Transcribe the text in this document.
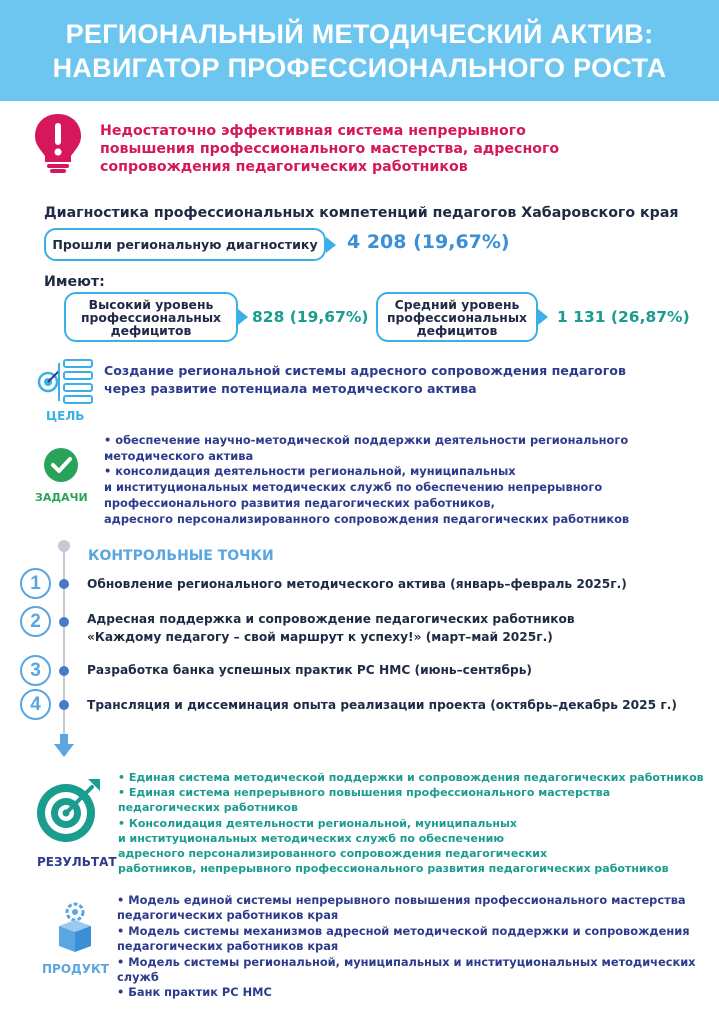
РЕГИОНАЛЬНЫЙ МЕТОДИЧЕСКИЙ АКТИВ:
НАВИГАТОР ПРОФЕССИОНАЛЬНОГО РОСТА
Недостаточно эффективная система непрерывного
повышения профессионального мастерства, адресного
сопровождения педагогических работников
Диагностика профессиональных компетенций педагогов Хабаровского края
Прошли региональную диагностику 4 208 (19,67%)
Имеют:
Высокий уровень
профессиональных
дефицитов
828 (19,67%)
Средний уровень
профессиональных
дефицитов
1 131 (26,87%)
ЦЕЛЬ
Создание региональной системы адресного сопровождения педагогов
через развитие потенциала методического актива
ЗАДАЧИ
• обеспечение научно-методической поддержки деятельности регионального
методического актива
• консолидация деятельности региональной, муниципальных
и институциональных методических служб по обеспечению непрерывного
профессионального развития педагогических работников,
адресного персонализированного сопровождения педагогических работников
КОНТРОЛЬНЫЕ ТОЧКИ
1	Обновление регионального методического актива (январь–февраль 2025г.)
2	Адресная поддержка и сопровождение педагогических работников
«Каждому педагогу – свой маршрут к успеху!» (март–май 2025г.)
3	Разработка банка успешных практик РС НМС (июнь–сентябрь)
4	Трансляция и диссеминация опыта реализации проекта (октябрь–декабрь 2025 г.)
РЕЗУЛЬТАТ
• Единая система методической поддержки и сопровождения педагогических работников
• Единая система непрерывного повышения профессионального мастерства
педагогических работников
• Консолидация деятельности региональной, муниципальных
и институциональных методических служб по обеспечению
адресного персонализированного сопровождения педагогических
работников, непрерывного профессионального развития педагогических работников
ПРОДУКТ
• Модель единой системы непрерывного повышения профессионального мастерства
педагогических работников края
• Модель системы механизмов адресной методической поддержки и сопровождения
педагогических работников края
• Модель системы региональной, муниципальных и институциональных методических
служб
• Банк практик РС НМС
